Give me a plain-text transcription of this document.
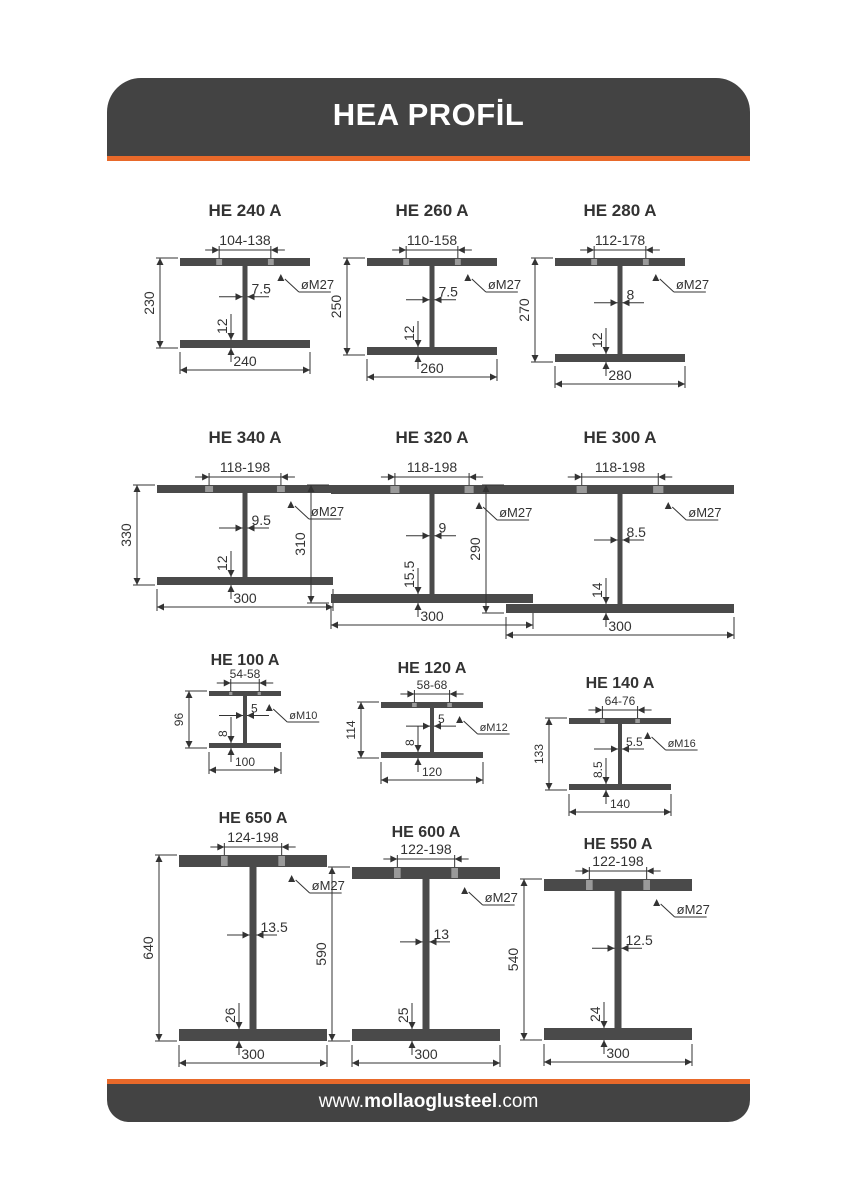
HEA PROFİL
HE 240 A
104-138
øM27
230
7.5
12
240
HE 260 A
110-158
øM27
250
7.5
12
260
HE 280 A
112-178
øM27
270
8
12
280
HE 340 A
118-198
øM27
330
9.5
12
300
HE 320 A
118-198
øM27
310
9
15.5
300
HE 300 A
118-198
øM27
290
8.5
14
300
HE 100 A
54-58
øM10
96
5
8
100
HE 120 A
58-68
øM12
114
5
8
120
HE 140 A
64-76
øM16
133
5.5
8.5
140
HE 650 A
124-198
øM27
640
13.5
26
300
HE 600 A
122-198
øM27
590
13
25
300
HE 550 A
122-198
øM27
540
12.5
24
300
www.mollaoglusteel.com
